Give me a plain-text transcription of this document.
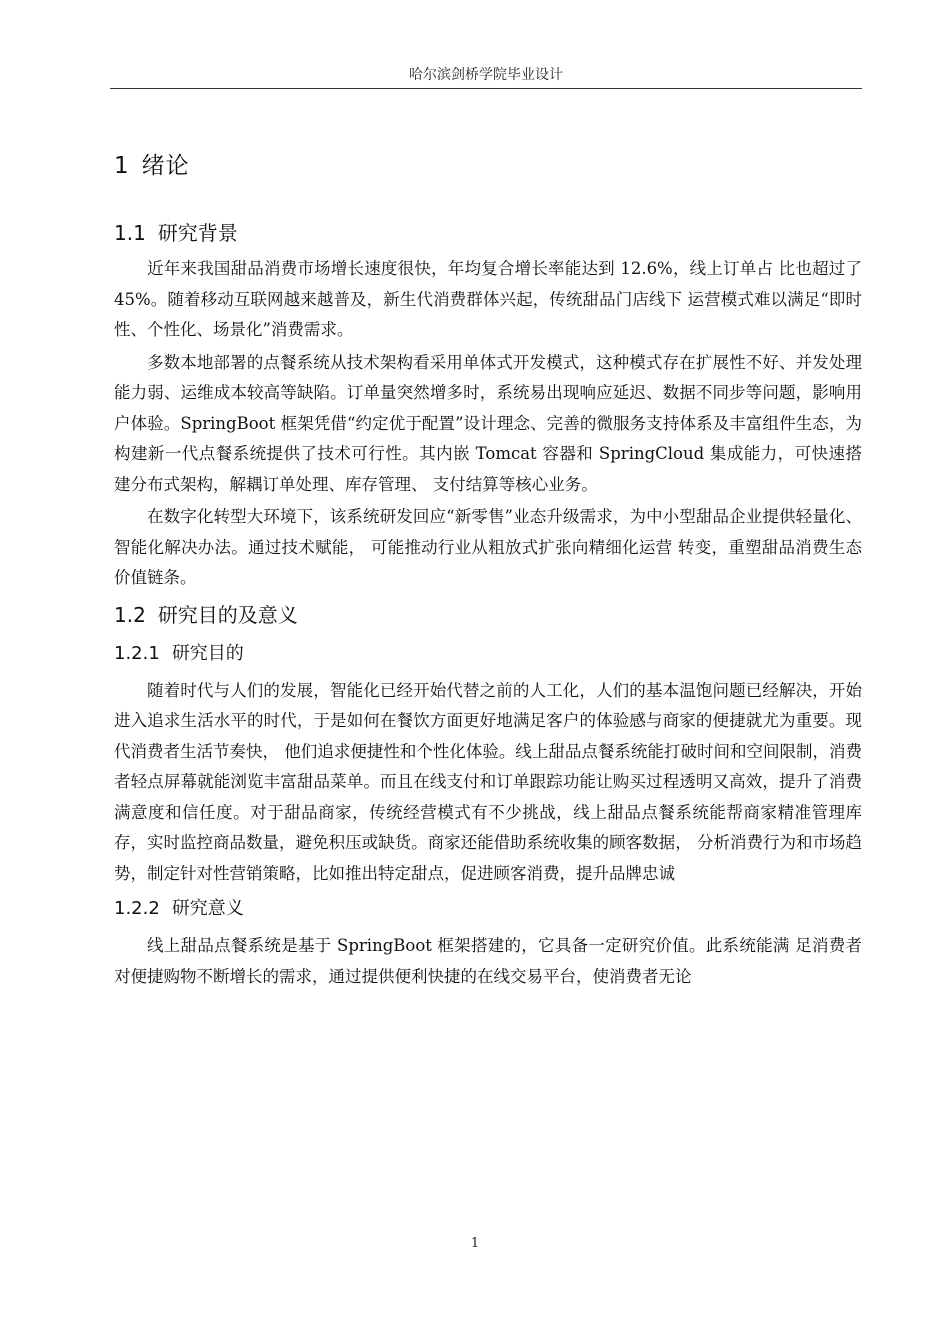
哈尔滨剑桥学院毕业设计
1 绪论
1.1 研究背景

近年来我国甜品消费市场增长速度很快，年均复合增长率能达到 12.6%，线上订单占 比也超过了 45%。随着移动互联网越来越普及，新生代消费群体兴起，传统甜品门店线下 运营模式难以满足“即时性、个性化、场景化”消费需求。

多数本地部署的点餐系统从技术架构看采用单体式开发模式，这种模式存在扩展性不好、并发处理能力弱、运维成本较高等缺陷。订单量突然增多时，系统易出现响应延迟、数据不同步等问题，影响用户体验。SpringBoot 框架凭借“约定优于配置”设计理念、完善的微服务支持体系及丰富组件生态，为构建新一代点餐系统提供了技术可行性。其内嵌 Tomcat 容器和 SpringCloud 集成能力，可快速搭建分布式架构，解耦订单处理、库存管理、 支付结算等核心业务。

在数字化转型大环境下，该系统研发回应“新零售”业态升级需求，为中小型甜品企业提供轻量化、智能化解决办法。通过技术赋能， 可能推动行业从粗放式扩张向精细化运营 转变，重塑甜品消费生态价值链条。

1.2 研究目的及意义
1.2.1 研究目的

随着时代与人们的发展，智能化已经开始代替之前的人工化，人们的基本温饱问题已经解决，开始进入追求生活水平的时代，于是如何在餐饮方面更好地满足客户的体验感与商家的便捷就尤为重要。现代消费者生活节奏快， 他们追求便捷性和个性化体验。线上甜品点餐系统能打破时间和空间限制，消费者轻点屏幕就能浏览丰富甜品菜单。而且在线支付和订单跟踪功能让购买过程透明又高效，提升了消费满意度和信任度。对于甜品商家，传统经营模式有不少挑战，线上甜品点餐系统能帮商家精准管理库存，实时监控商品数量，避免积压或缺货。商家还能借助系统收集的顾客数据， 分析消费行为和市场趋势，制定针对性营销策略，比如推出特定甜点，促进顾客消费，提升品牌忠诚

1.2.2 研究意义

线上甜品点餐系统是基于 SpringBoot 框架搭建的，它具备一定研究价值。此系统能满 足消费者对便捷购物不断增长的需求，通过提供便利快捷的在线交易平台，使消费者无论

1
